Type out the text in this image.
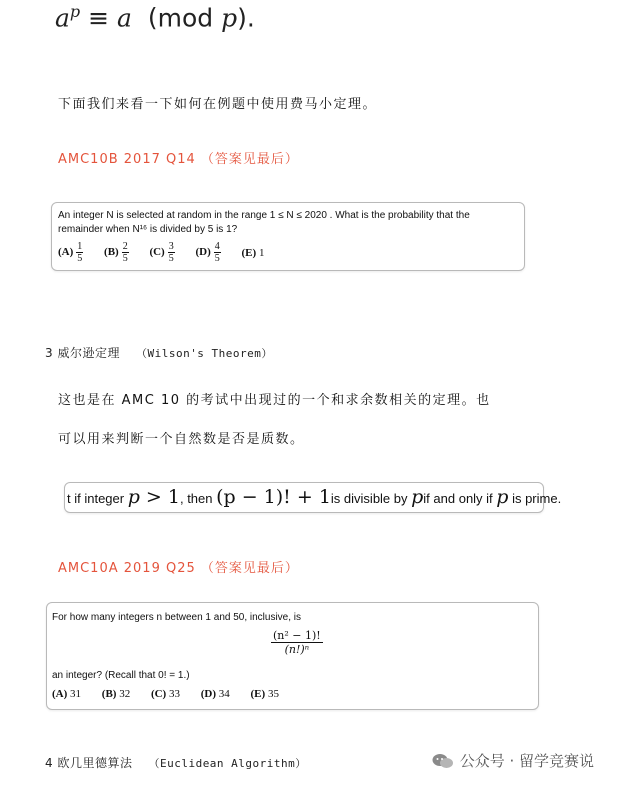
$a^p \equiv a$ (mod p).
下面我们来看一下如何在例题中使用费马小定理。
AMC10B 2017 Q14 （答案见最后）
An integer N is selected at random in the range 1 ≤ N ≤ 2020 . What is the probability that the
remainder when N¹⁶ is divided by 5 is 1?
$(A) \frac{1}{5} (B) \frac{2}{5} (C) \frac{3}{5} (D) \frac{4}{5} (E)$ 1
3 威尔逊定理 （Wilson's Theorem）
这也是在 AMC 10 的考试中出现过的一个和求余数相关的定理。也
可以用来判断一个自然数是否是质数。
t if integer p > 1, then (p − 1)! + 1is divisible by pif and only if p is prime.
AMC10A 2019 Q25 （答案见最后）
For how many integers n between 1 and 50, inclusive, is
$\frac{\text{(n² − 1)!}}{\text{(n!)ⁿ}}$
an integer? (Recall that 0! = 1.)
(A) 31 (B) 32 (C) 33 (D) 34 (E) 35
4 欧几里德算法 （Euclidean Algorithm）	公众号 · 留学竞赛说
